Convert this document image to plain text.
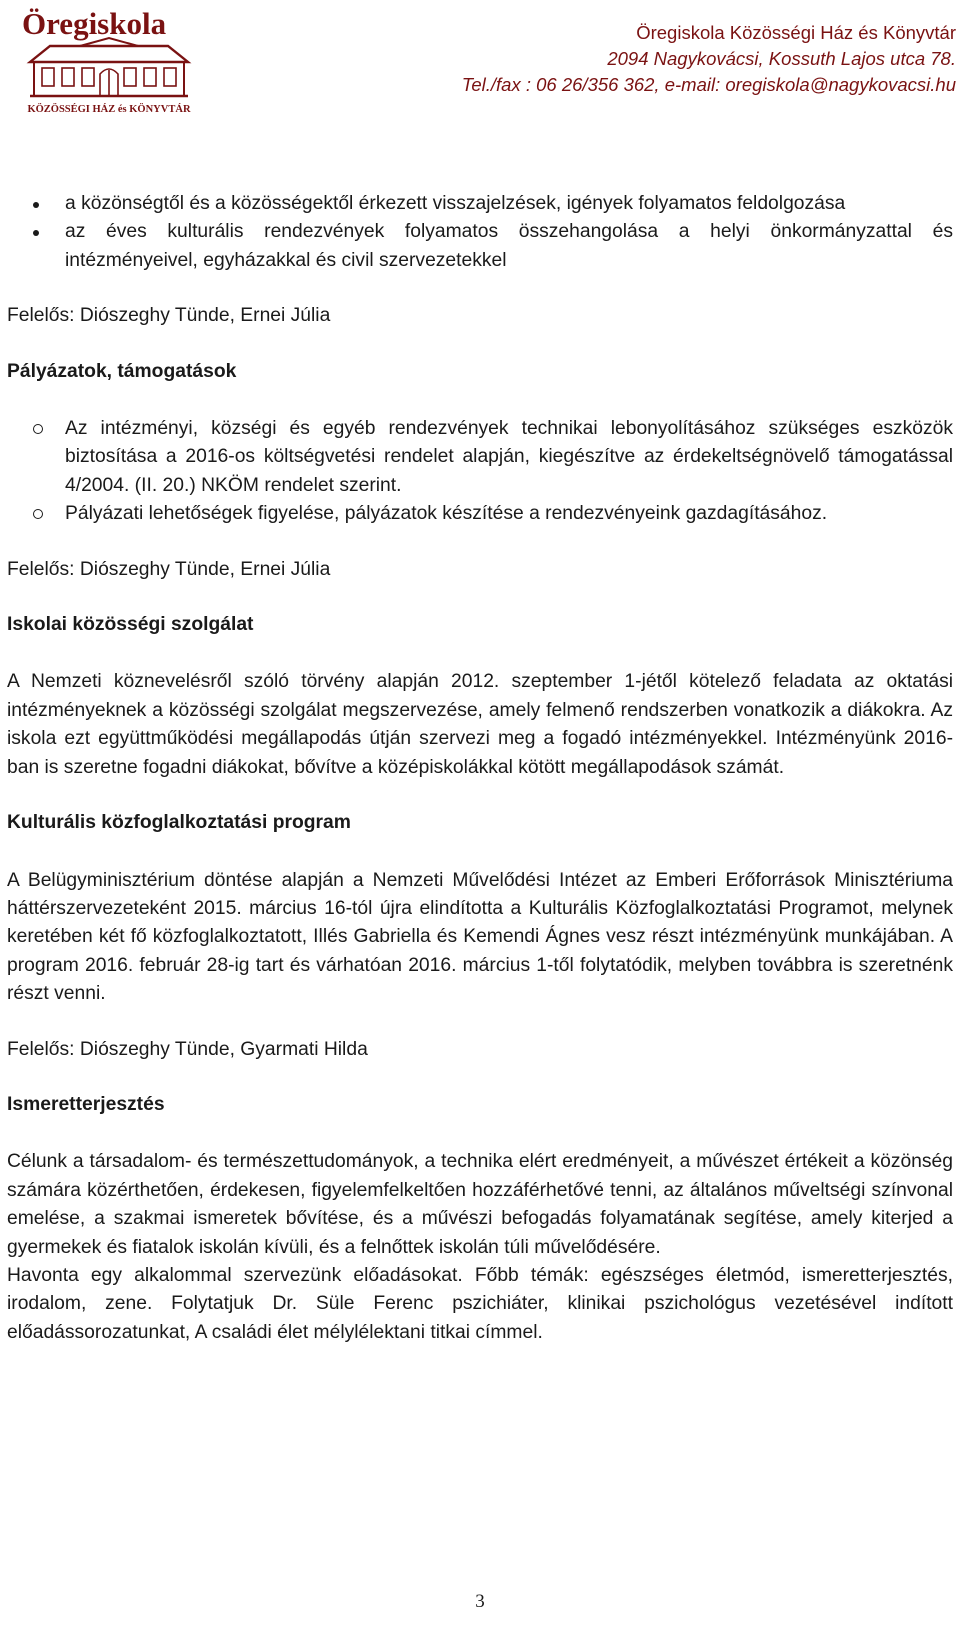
Öregiskola
KÖZÖSSÉGI HÁZ és KÖNYVTÁR
Öregiskola Közösségi Ház és Könyvtár
2094 Nagykovácsi, Kossuth Lajos utca 78.
Tel./fax : 06 26/356 362, e-mail: oregiskola@nagykovacsi.hu
a közönségtől és a közösségektől érkezett visszajelzések, igények folyamatos feldolgozása
az éves kulturális rendezvények folyamatos összehangolása a helyi önkormányzattal és intézményeivel, egyházakkal és civil szervezetekkel

Felelős: Diószeghy Tünde, Ernei Júlia

Pályázatok, támogatások
Az intézményi, községi és egyéb rendezvények technikai lebonyolításához szükséges eszközök biztosítása a 2016-os költségvetési rendelet alapján, kiegészítve az érdekeltségnövelő támogatással 4/2004. (II. 20.) NKÖM rendelet szerint.
Pályázati lehetőségek figyelése, pályázatok készítése a rendezvényeink gazdagításához.

Felelős: Diószeghy Tünde, Ernei Júlia

Iskolai közösségi szolgálat

A Nemzeti köznevelésről szóló törvény alapján 2012. szeptember 1-jétől kötelező feladata az oktatási intézményeknek a közösségi szolgálat megszervezése, amely felmenő rendszerben vonatkozik a diákokra. Az iskola ezt együttműködési megállapodás útján szervezi meg a fogadó intézményekkel. Intézményünk 2016-ban is szeretne fogadni diákokat, bővítve a középiskolákkal kötött megállapodások számát.

Kulturális közfoglalkoztatási program

A Belügyminisztérium döntése alapján a Nemzeti Művelődési Intézet az Emberi Erőforrások Minisztériuma háttérszervezeteként 2015. március 16-tól újra elindította a Kulturális Közfoglalkoztatási Programot, melynek keretében két fő közfoglalkoztatott, Illés Gabriella és Kemendi Ágnes vesz részt intézményünk munkájában. A program 2016. február 28-ig tart és várhatóan 2016. március 1-től folytatódik, melyben továbbra is szeretnénk részt venni.

Felelős: Diószeghy Tünde, Gyarmati Hilda

Ismeretterjesztés

Célunk a társadalom- és természettudományok, a technika elért eredményeit, a művészet értékeit a közönség számára közérthetően, érdekesen, figyelemfelkeltően hozzáférhetővé tenni, az általános műveltségi színvonal emelése, a szakmai ismeretek bővítése, és a művészi befogadás folyamatának segítése, amely kiterjed a gyermekek és fiatalok iskolán kívüli, és a felnőttek iskolán túli művelődésére.

Havonta egy alkalommal szervezünk előadásokat. Főbb témák: egészséges életmód, ismeretterjesztés, irodalom, zene. Folytatjuk Dr. Süle Ferenc pszichiáter, klinikai pszichológus vezetésével indított előadássorozatunkat, A családi élet mélylélektani titkai címmel.

3
